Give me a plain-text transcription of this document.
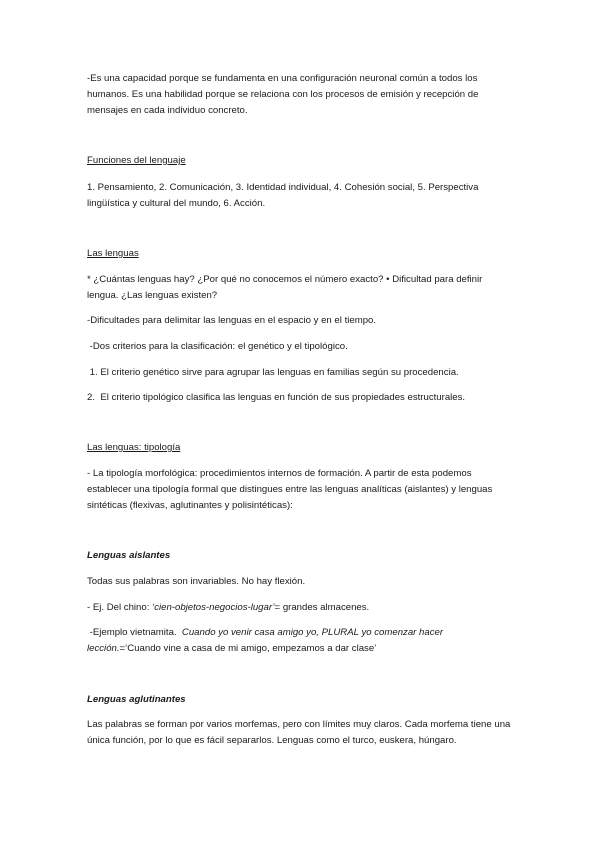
-Es una capacidad porque se fundamenta en una configuración neuronal común a todos los humanos. Es una habilidad porque se relaciona con los procesos de emisión y recepción de mensajes en cada individuo concreto.
Funciones del lenguaje
1. Pensamiento, 2. Comunicación, 3. Identidad individual, 4. Cohesión social, 5. Perspectiva lingüística y cultural del mundo, 6. Acción.
Las lenguas
* ¿Cuántas lenguas hay? ¿Por qué no conocemos el número exacto? • Dificultad para definir lengua. ¿Las lenguas existen?
-Dificultades para delimitar las lenguas en el espacio y en el tiempo.
-Dos criterios para la clasificación: el genético y el tipológico.
1. El criterio genético sirve para agrupar las lenguas en familias según su procedencia.
2.  El criterio tipológico clasifica las lenguas en función de sus propiedades estructurales.
Las lenguas: tipología
- La tipología morfológica: procedimientos internos de formación. A partir de esta podemos establecer una tipología formal que distingues entre las lenguas analíticas (aislantes) y lenguas sintéticas (flexivas, aglutinantes y polisintéticas):
Lenguas aislantes
Todas sus palabras son invariables. No hay flexión.
- Ej. Del chino: ‘cien-objetos-negocios-lugar’= grandes almacenes.
-Ejemplo vietnamita.  Cuando yo venir casa amigo yo, PLURAL yo comenzar hacer lección.=‘Cuando vine a casa de mi amigo, empezamos a dar clase’
Lenguas aglutinantes
Las palabras se forman por varios morfemas, pero con límites muy claros. Cada morfema tiene una única función, por lo que es fácil separarlos. Lenguas como el turco, euskera, húngaro.
